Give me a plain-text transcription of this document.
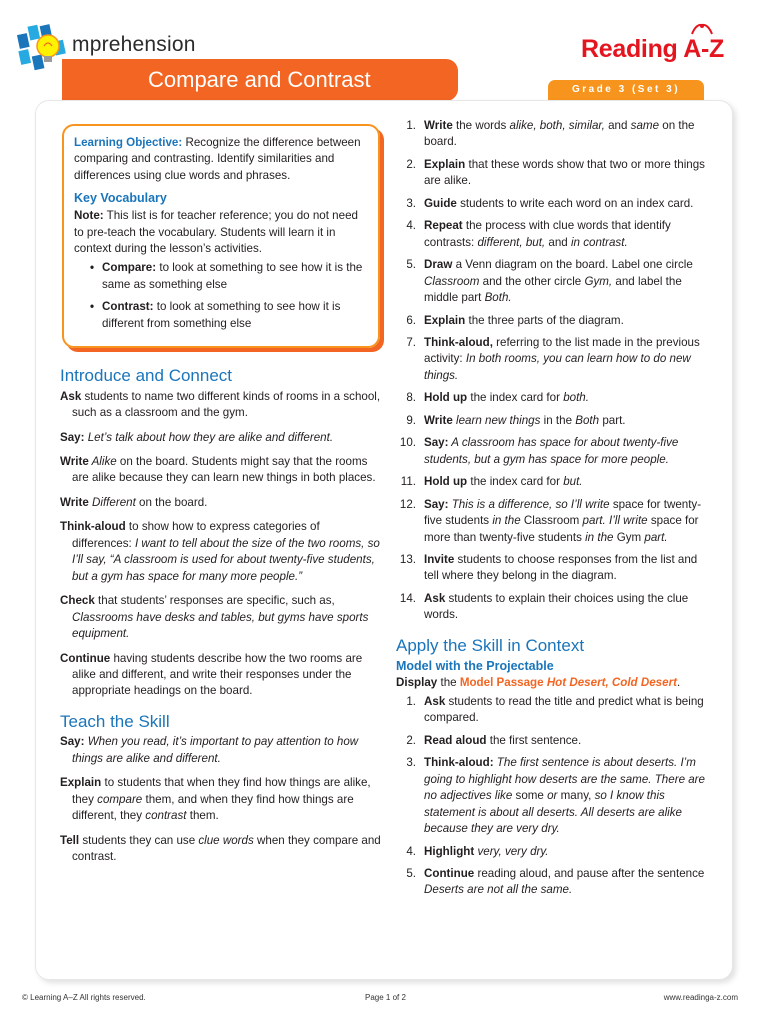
mprehension	Reading A-Z
Compare and Contrast	Grade 3 (Set 3)

Learning Objective: Recognize the difference between comparing and contrasting. Identify similarities and differences using clue words and phrases.

Key Vocabulary

Note: This list is for teacher reference; you do not need to pre-teach the vocabulary. Students will learn it in context during the lesson’s activities.

• Compare: to look at something to see how it is the same as something else
• Contrast: to look at something to see how it is different from something else
Introduce and Connect

Ask students to name two different kinds of rooms in a school, such as a classroom and the gym.

Say: Let’s talk about how they are alike and different.

Write Alike on the board. Students might say that the rooms are alike because they can learn new things in both places.

Write Different on the board.

Think-aloud to show how to express categories of differences: I want to tell about the size of the two rooms, so I’ll say, “A classroom is used for about twenty-five students, but a gym has space for many more people.”

Check that students’ responses are specific, such as, Classrooms have desks and tables, but gyms have sports equipment.

Continue having students describe how the two rooms are alike and different, and write their responses under the appropriate headings on the board.

Teach the Skill

Say: When you read, it’s important to pay attention to how things are alike and different.

Explain to students that when they find how things are alike, they compare them, and when they find how things are different, they contrast them.

Tell students they can use clue words when they compare and contrast.

1. Write the words alike, both, similar, and same on the board.
2. Explain that these words show that two or more things are alike.
3. Guide students to write each word on an index card.
4. Repeat the process with clue words that identify contrasts: different, but, and in contrast.
5. Draw a Venn diagram on the board. Label one circle Classroom and the other circle Gym, and label the middle part Both.
6. Explain the three parts of the diagram.
7. Think-aloud, referring to the list made in the previous activity: In both rooms, you can learn how to do new things.
8. Hold up the index card for both.
9. Write learn new things in the Both part.
10. Say: A classroom has space for about twenty-five students, but a gym has space for more people.
11. Hold up the index card for but.
12. Say: This is a difference, so I’ll write space for twenty-five students in the Classroom part. I’ll write space for more than twenty-five students in the Gym part.
13. Invite students to choose responses from the list and tell where they belong in the diagram.
14. Ask students to explain their choices using the clue words.
Apply the Skill in Context
Model with the Projectable

Display the Model Passage Hot Desert, Cold Desert.

1. Ask students to read the title and predict what is being compared.
2. Read aloud the first sentence.
3. Think-aloud: The first sentence is about deserts. I’m going to highlight how deserts are the same. There are no adjectives like some or many, so I know this statement is about all deserts. All deserts are alike because they are very dry.
4. Highlight very, very dry.
5. Continue reading aloud, and pause after the sentence Deserts are not all the same.
© Learning A–Z All rights reserved.	Page 1 of 2	www.readinga-z.com
